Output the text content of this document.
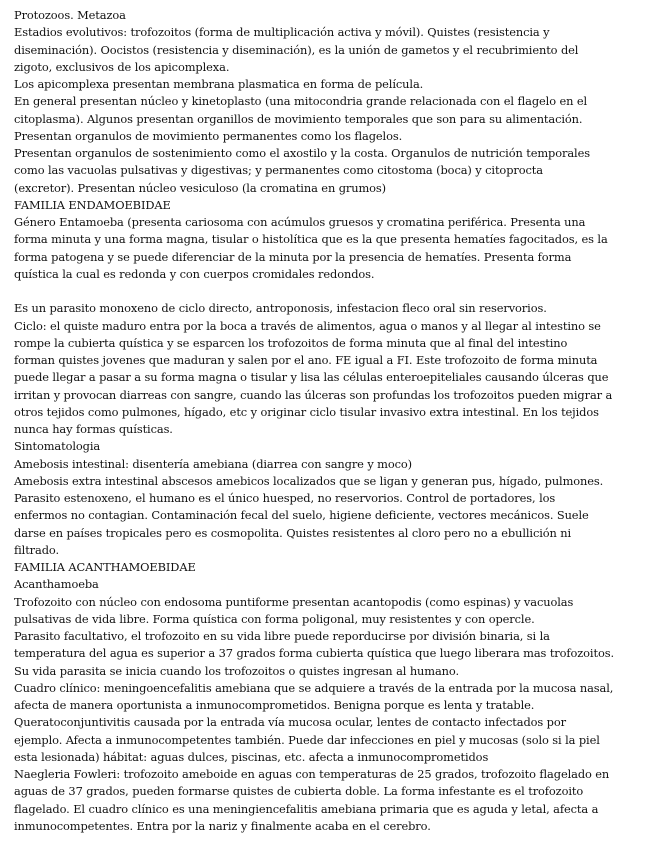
Protozoos. Metazoa
Estadios evolutivos: trofozoitos (forma de multiplicación activa y móvil). Quistes (resistencia y
diseminación). Oocistos (resistencia y diseminación), es la unión de gametos y el recubrimiento del
zigoto, exclusivos de los apicomplexa.
Los apicomplexa presentan membrana plasmatica en forma de película.
En general presentan núcleo y kinetoplasto (una mitocondria grande relacionada con el flagelo en el
citoplasma). Algunos presentan organillos de movimiento temporales que son para su alimentación.
Presentan organulos de movimiento permanentes como los flagelos.
Presentan organulos de sostenimiento como el axostilo y la costa. Organulos de nutrición temporales
como las vacuolas pulsativas y digestivas; y permanentes como citostoma (boca) y citoprocta
(excretor). Presentan núcleo vesiculoso (la cromatina en grumos)
FAMILIA ENDAMOEBIDAE
Género Entamoeba (presenta cariosoma con acúmulos gruesos y cromatina periférica. Presenta una
forma minuta y una forma magna, tisular o histolítica que es la que presenta hematíes fagocitados, es la
forma patogena y se puede diferenciar de la minuta por la presencia de hematíes. Presenta forma
quística la cual es redonda y con cuerpos cromidales redondos.
Es un parasito monoxeno de ciclo directo, antroponosis, infestacion fleco oral sin reservorios.
Ciclo: el quiste maduro entra por la boca a través de alimentos, agua o manos y al llegar al intestino se
rompe la cubierta quística y se esparcen los trofozoitos de forma minuta que al final del intestino
forman quistes jovenes que maduran y salen por el ano. FE igual a FI. Este trofozoito de forma minuta
puede llegar a pasar a su forma magna o tisular y lisa las células enteroepiteliales causando úlceras que
irritan y provocan diarreas con sangre, cuando las úlceras son profundas los trofozoitos pueden migrar a
otros tejidos como pulmones, hígado, etc y originar ciclo tisular invasivo extra intestinal. En los tejidos
nunca hay formas quísticas.
Sintomatologia
Amebosis intestinal: disentería amebiana (diarrea con sangre y moco)
Amebosis extra intestinal abscesos amebicos localizados que se ligan y generan pus, hígado, pulmones.
Parasito estenoxeno, el humano es el único huesped, no reservorios. Control de portadores, los
enfermos no contagian. Contaminación fecal del suelo, higiene deficiente, vectores mecánicos. Suele
darse en países tropicales pero es cosmopolita. Quistes resistentes al cloro pero no a ebullición ni
filtrado.
FAMILIA ACANTHAMOEBIDAE
Acanthamoeba
Trofozoito con núcleo con endosoma puntiforme presentan acantopodis (como espinas) y vacuolas
pulsativas de vida libre. Forma quística con forma poligonal, muy resistentes y con opercle.
Parasito facultativo, el trofozoito en su vida libre puede reporducirse por división binaria, si la
temperatura del agua es superior a 37 grados forma cubierta quística que luego liberara mas trofozoitos.
Su vida parasita se inicia cuando los trofozoitos o quistes ingresan al humano.
Cuadro clínico: meningoencefalitis amebiana que se adquiere a través de la entrada por la mucosa nasal,
afecta de manera oportunista a inmunocomprometidos. Benigna porque es lenta y tratable.
Queratoconjuntivitis causada por la entrada vía mucosa ocular, lentes de contacto infectados por
ejemplo. Afecta a inmunocompetentes también. Puede dar infecciones en piel y mucosas (solo si la piel
esta lesionada) hábitat: aguas dulces, piscinas, etc. afecta a inmunocomprometidos
Naegleria Fowleri: trofozoito ameboide en aguas con temperaturas de 25 grados, trofozoito flagelado en
aguas de 37 grados, pueden formarse quistes de cubierta doble. La forma infestante es el trofozoito
flagelado. El cuadro clínico es una meningiencefalitis amebiana primaria que es aguda y letal, afecta a
inmunocompetentes. Entra por la nariz y finalmente acaba en el cerebro.
